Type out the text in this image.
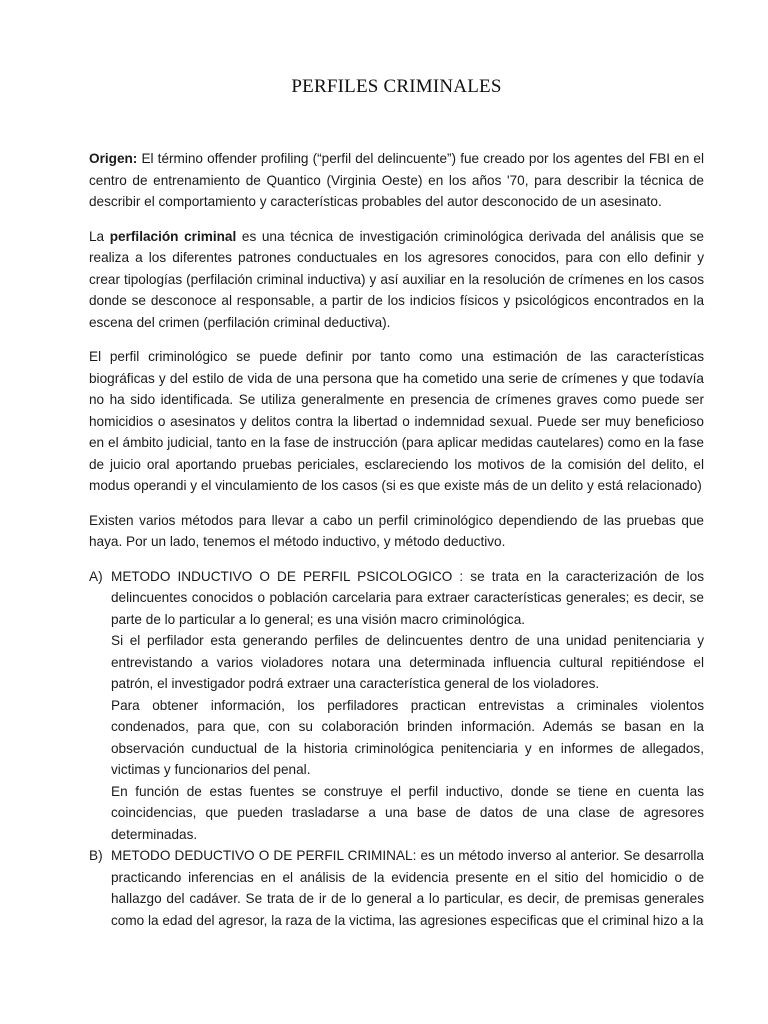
PERFILES CRIMINALES

Origen: El término offender profiling (“perfil del delincuente”) fue creado por los agentes del FBI en el centro de entrenamiento de Quantico (Virginia Oeste) en los años '70, para describir la técnica de describir el comportamiento y características probables del autor desconocido de un asesinato.

La perfilación criminal es una técnica de investigación criminológica derivada del análisis que se realiza a los diferentes patrones conductuales en los agresores conocidos, para con ello definir y crear tipologías (perfilación criminal inductiva) y así auxiliar en la resolución de crímenes en los casos donde se desconoce al responsable, a partir de los indicios físicos y psicológicos encontrados en la escena del crimen (perfilación criminal deductiva).

El perfil criminológico se puede definir por tanto como una estimación de las características biográficas y del estilo de vida de una persona que ha cometido una serie de crímenes y que todavía no ha sido identificada. Se utiliza generalmente en presencia de crímenes graves como puede ser homicidios o asesinatos y delitos contra la libertad o indemnidad sexual. Puede ser muy beneficioso en el ámbito judicial, tanto en la fase de instrucción (para aplicar medidas cautelares) como en la fase de juicio oral aportando pruebas periciales, esclareciendo los motivos de la comisión del delito, el modus operandi y el vinculamiento de los casos (si es que existe más de un delito y está relacionado)

Existen varios métodos para llevar a cabo un perfil criminológico dependiendo de las pruebas que haya. Por un lado, tenemos el método inductivo, y método deductivo.

A) METODO INDUCTIVO O DE PERFIL PSICOLOGICO : se trata en la caracterización de los delincuentes conocidos o población carcelaria para extraer características generales; es decir, se parte de lo particular a lo general; es una visión macro criminológica.
Si el perfilador esta generando perfiles de delincuentes dentro de una unidad penitenciaria y entrevistando a varios violadores notara una determinada influencia cultural repitiéndose el patrón, el investigador podrá extraer una característica general de los violadores.
Para obtener información, los perfiladores practican entrevistas a criminales violentos condenados, para que, con su colaboración brinden información. Además se basan en la observación cunductual de la historia criminológica penitenciaria y en informes de allegados, victimas y funcionarios del penal.
En función de estas fuentes se construye el perfil inductivo, donde se tiene en cuenta las coincidencias, que pueden trasladarse a una base de datos de una clase de agresores determinadas.
B) METODO DEDUCTIVO O DE PERFIL CRIMINAL: es un método inverso al anterior. Se desarrolla practicando inferencias en el análisis de la evidencia presente en el sitio del homicidio o de hallazgo del cadáver. Se trata de ir de lo general a lo particular, es decir, de premisas generales como la edad del agresor, la raza de la victima, las agresiones especificas que el criminal hizo a la
